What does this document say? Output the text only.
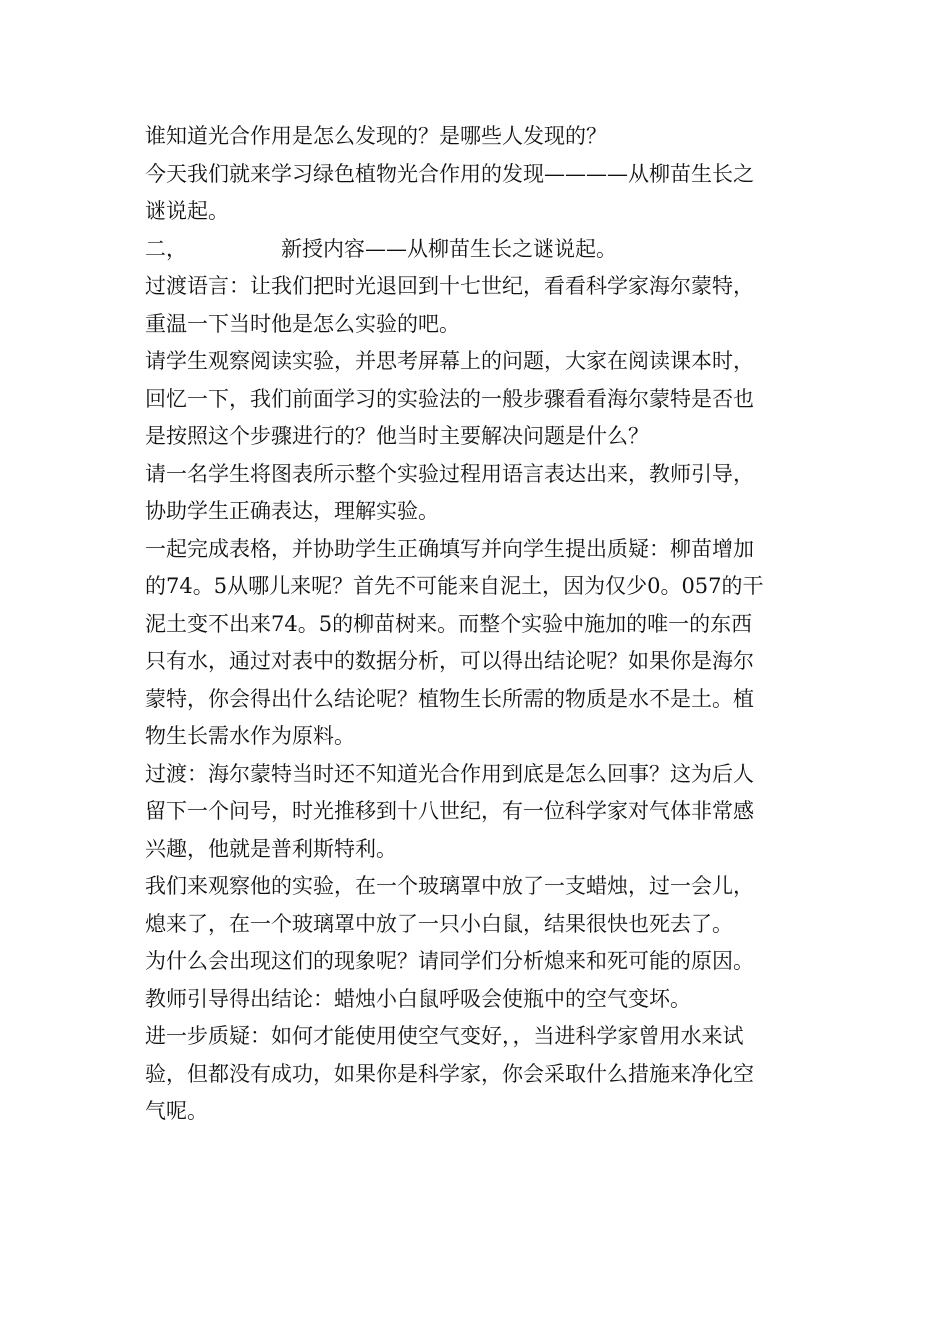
谁知道光合作用是怎么发现的？是哪些人发现的？
今天我们就来学习绿色植物光合作用的发现————从柳苗生长之
谜说起。
二，	新授内容——从柳苗生长之谜说起。
过渡语言：让我们把时光退回到十七世纪，看看科学家海尔蒙特，
重温一下当时他是怎么实验的吧。
请学生观察阅读实验，并思考屏幕上的问题，大家在阅读课本时，
回忆一下，我们前面学习的实验法的一般步骤看看海尔蒙特是否也
是按照这个步骤进行的？他当时主要解决问题是什么？
请一名学生将图表所示整个实验过程用语言表达出来，教师引导，
协助学生正确表达，理解实验。
一起完成表格，并协助学生正确填写并向学生提出质疑：柳苗增加
的74。5从哪儿来呢？首先不可能来自泥土，因为仅少0。057的干
泥土变不出来74。5的柳苗树来。而整个实验中施加的唯一的东西
只有水，通过对表中的数据分析，可以得出结论呢？如果你是海尔
蒙特，你会得出什么结论呢？植物生长所需的物质是水不是土。植
物生长需水作为原料。
过渡：海尔蒙特当时还不知道光合作用到底是怎么回事？这为后人
留下一个问号，时光推移到十八世纪，有一位科学家对气体非常感
兴趣，他就是普利斯特利。
我们来观察他的实验，在一个玻璃罩中放了一支蜡烛，过一会儿，
熄来了，在一个玻璃罩中放了一只小白鼠，结果很快也死去了。
为什么会出现这们的现象呢？请同学们分析熄来和死可能的原因。
教师引导得出结论：蜡烛小白鼠呼吸会使瓶中的空气变坏。
进一步质疑：如何才能使用使空气变好，，当进科学家曾用水来试
验，但都没有成功，如果你是科学家，你会采取什么措施来净化空
气呢。
